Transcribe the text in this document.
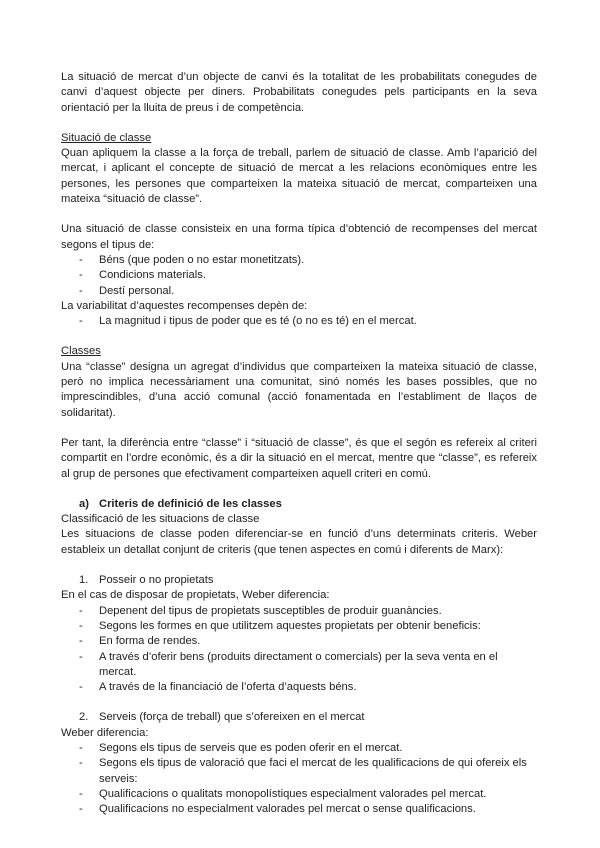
La situació de mercat d’un objecte de canvi és la totalitat de les probabilitats conegudes de canvi d’aquest objecte per diners. Probabilitats conegudes pels participants en la seva orientació per la lluita de preus i de competència.

Situació de classe

Quan apliquem la classe a la força de treball, parlem de situació de classe. Amb l’aparició del mercat, i aplicant el concepte de situació de mercat a les relacions econòmiques entre les persones, les persones que comparteixen la mateixa situació de mercat, comparteixen una mateixa “situació de classe”.

Una situació de classe consisteix en una forma típica d’obtenció de recompenses del mercat segons el tipus de:

- Béns (que poden o no estar monetitzats).
- Condicions materials.
- Destí personal.

La variabilitat d’aquestes recompenses depèn de:

- La magnitud i tipus de poder que es té (o no es té) en el mercat.

Classes

Una “classe” designa un agregat d’individus que comparteixen la mateixa situació de classe, però no implica necessàriament una comunitat, sinó només les bases possibles, que no imprescindibles, d’una acció comunal (acció fonamentada en l’establiment de llaços de solidaritat).

Per tant, la diferència entre “classe” i “situació de classe”, és que el segón es refereix al criteri compartit en l’ordre econòmic, és a dir la situació en el mercat, mentre que “classe”, es refereix al grup de persones que efectivament comparteixen aquell criteri en comú.

a) Criteris de definició de les classes

Classificació de les situacions de classe

Les situacions de classe poden diferenciar-se en funció d’uns determinats criteris. Weber estableix un detallat conjunt de criteris (que tenen aspectes en comú i diferents de Marx):

1. Posseir o no propietats

En el cas de disposar de propietats, Weber diferencia:

- Depenent del tipus de propietats susceptibles de produir guanàncies.
- Segons les formes en que utilitzem aquestes propietats per obtenir beneficis:
- En forma de rendes.
- A través d’oferir bens (produits directament o comercials) per la seva venta en el mercat.
- A través de la financiació de l’oferta d’aquests béns.

2. Serveis (força de treball) que s’ofereixen en el mercat

Weber diferencia:

- Segons els tipus de serveis que es poden oferir en el mercat.
- Segons els tipus de valoració que faci el mercat de les qualificacions de qui ofereix els serveis:
- Qualificacions o qualitats monopolístiques especialment valorades pel mercat.
- Qualificacions no especialment valorades pel mercat o sense qualificacions.
